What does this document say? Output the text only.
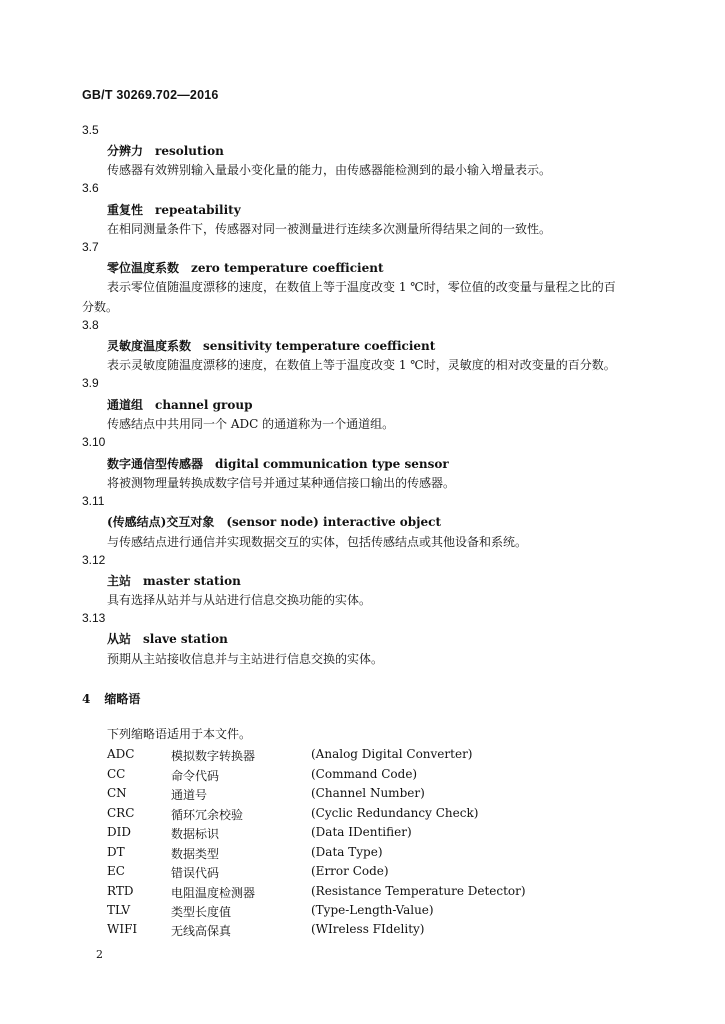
GB/T 30269.702—2016
3.5
分辨力 resolution
传感器有效辨别输入量最小变化量的能力，由传感器能检测到的最小输入增量表示。
3.6
重复性 repeatability
在相同测量条件下，传感器对同一被测量进行连续多次测量所得结果之间的一致性。
3.7
零位温度系数 zero temperature coefficient
表示零位值随温度漂移的速度，在数值上等于温度改变 1 ℃时，零位值的改变量与量程之比的百
分数。
3.8
灵敏度温度系数 sensitivity temperature coefficient
表示灵敏度随温度漂移的速度，在数值上等于温度改变 1 ℃时，灵敏度的相对改变量的百分数。
3.9
通道组 channel group
传感结点中共用同一个 ADC 的通道称为一个通道组。
3.10
数字通信型传感器 digital communication type sensor
将被测物理量转换成数字信号并通过某种通信接口输出的传感器。
3.11
(传感结点)交互对象 (sensor node) interactive object
与传感结点进行通信并实现数据交互的实体，包括传感结点或其他设备和系统。
3.12
主站 master station
具有选择从站并与从站进行信息交换功能的实体。
3.13
从站 slave station
预期从主站接收信息并与主站进行信息交换的实体。
4 缩略语
下列缩略语适用于本文件。
ADC	模拟数字转换器	(Analog Digital Converter)
CC	命令代码	(Command Code)
CN	通道号	(Channel Number)
CRC	循环冗余校验	(Cyclic Redundancy Check)
DID	数据标识	(Data IDentifier)
DT	数据类型	(Data Type)
EC	错误代码	(Error Code)
RTD	电阻温度检测器	(Resistance Temperature Detector)
TLV	类型长度值	(Type-Length-Value)
WIFI	无线高保真	(WIreless FIdelity)
2
